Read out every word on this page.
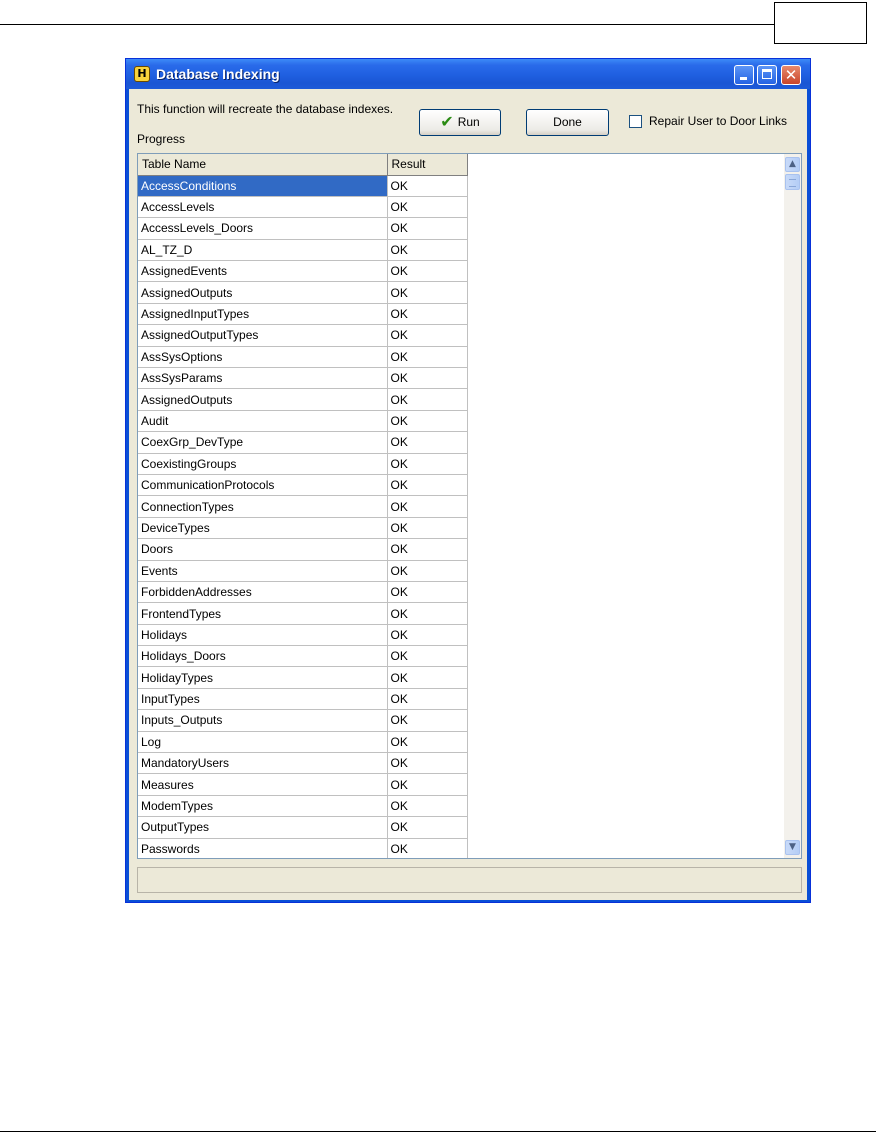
H Database Indexing	✕
This function will recreate the database indexes.
Progress
✔ Run	Done	Repair User to Door Links
Table Name	Result
AccessConditions	OK
AccessLevels	OK
AccessLevels_Doors	OK
AL_TZ_D	OK
AssignedEvents	OK
AssignedOutputs	OK
AssignedInputTypes	OK
AssignedOutputTypes	OK
AssSysOptions	OK
AssSysParams	OK
AssignedOutputs	OK
Audit	OK
CoexGrp_DevType	OK
CoexistingGroups	OK
CommunicationProtocols	OK
ConnectionTypes	OK
DeviceTypes	OK
Doors	OK
Events	OK
ForbiddenAddresses	OK
FrontendTypes	OK
Holidays	OK
Holidays_Doors	OK
HolidayTypes	OK
InputTypes	OK
Inputs_Outputs	OK
Log	OK
MandatoryUsers	OK
Measures	OK
ModemTypes	OK
OutputTypes	OK
Passwords	OK
▲
▼
